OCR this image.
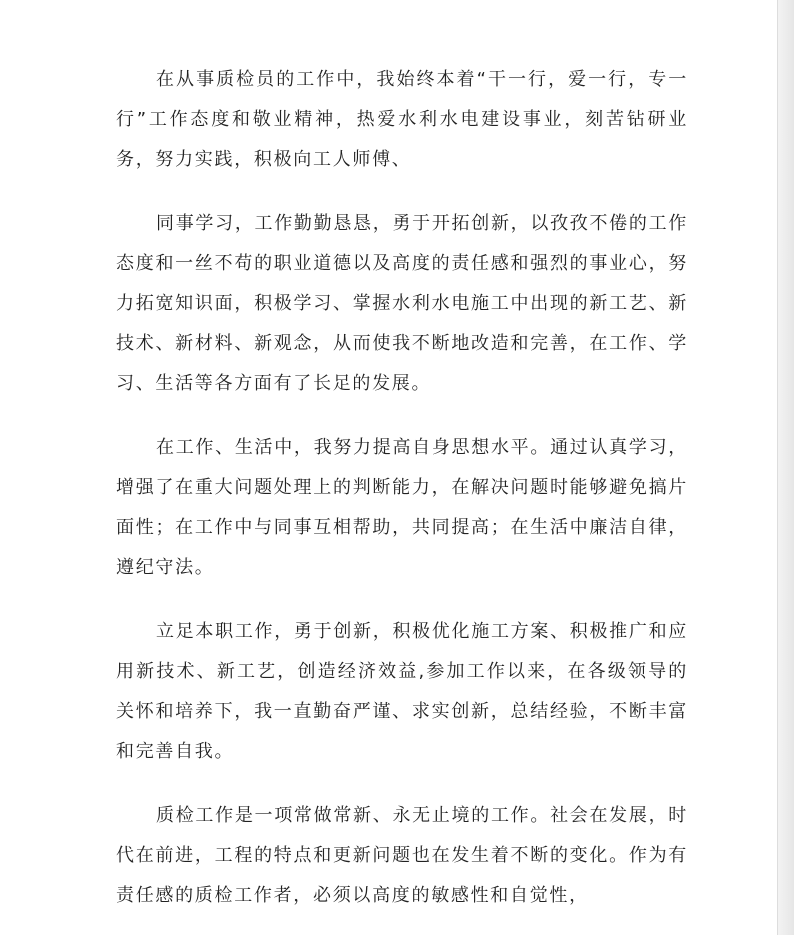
在从事质检员的工作中，我始终本着“干一行，爱一行，专一行”工作态度和敬业精神，热爱水利水电建设事业，刻苦钻研业务，努力实践，积极向工人师傅、

同事学习，工作勤勤恳恳，勇于开拓创新，以孜孜不倦的工作态度和一丝不苟的职业道德以及高度的责任感和强烈的事业心，努力拓宽知识面，积极学习、掌握水利水电施工中出现的新工艺、新技术、新材料、新观念，从而使我不断地改造和完善，在工作、学习、生活等各方面有了长足的发展。

在工作、生活中，我努力提高自身思想水平。通过认真学习，增强了在重大问题处理上的判断能力，在解决问题时能够避免搞片面性；在工作中与同事互相帮助，共同提高；在生活中廉洁自律，遵纪守法。

立足本职工作，勇于创新，积极优化施工方案、积极推广和应用新技术、新工艺，创造经济效益,参加工作以来，在各级领导的关怀和培养下，我一直勤奋严谨、求实创新，总结经验，不断丰富和完善自我。

质检工作是一项常做常新、永无止境的工作。社会在发展，时代在前进，工程的特点和更新问题也在发生着不断的变化。作为有责任感的质检工作者，必须以高度的敏感性和自觉性，
